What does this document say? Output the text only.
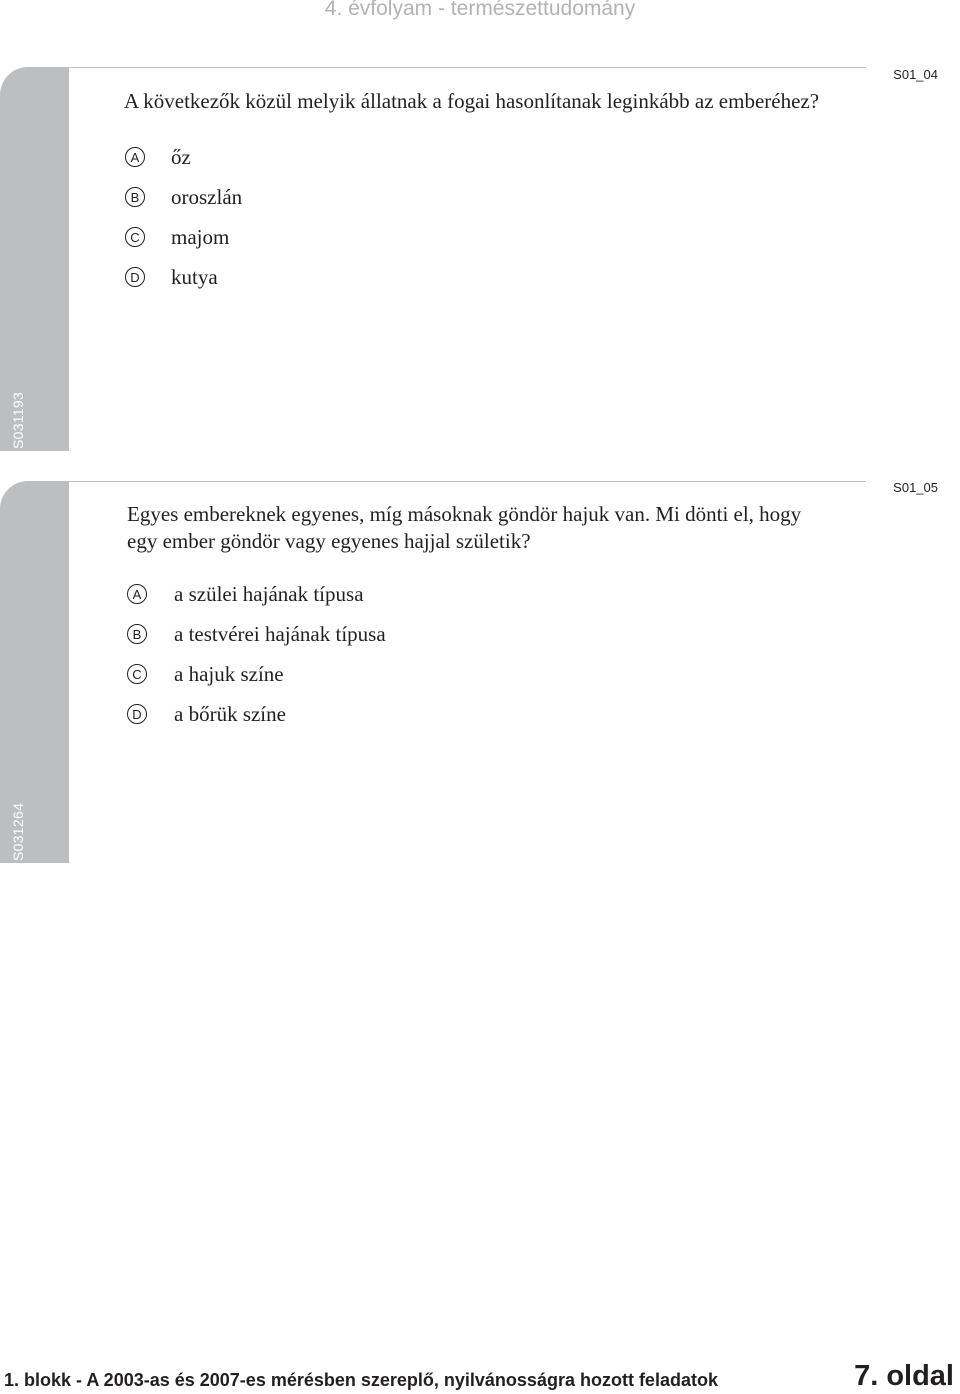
4. évfolyam - természettudomány
S031193
S01_04
A következők közül melyik állatnak a fogai hasonlítanak leginkább az emberéhez?
A őz
B oroszlán
C majom
D kutya
S031264
S01_05
Egyes embereknek egyenes, míg másoknak göndör hajuk van. Mi dönti el, hogy
egy ember göndör vagy egyenes hajjal születik?
A a szülei hajának típusa
B a testvérei hajának típusa
C a hajuk színe
D a bőrük színe
1. blokk - A 2003-as és 2007-es mérésben szereplő, nyilvánosságra hozott feladatok	7. oldal
